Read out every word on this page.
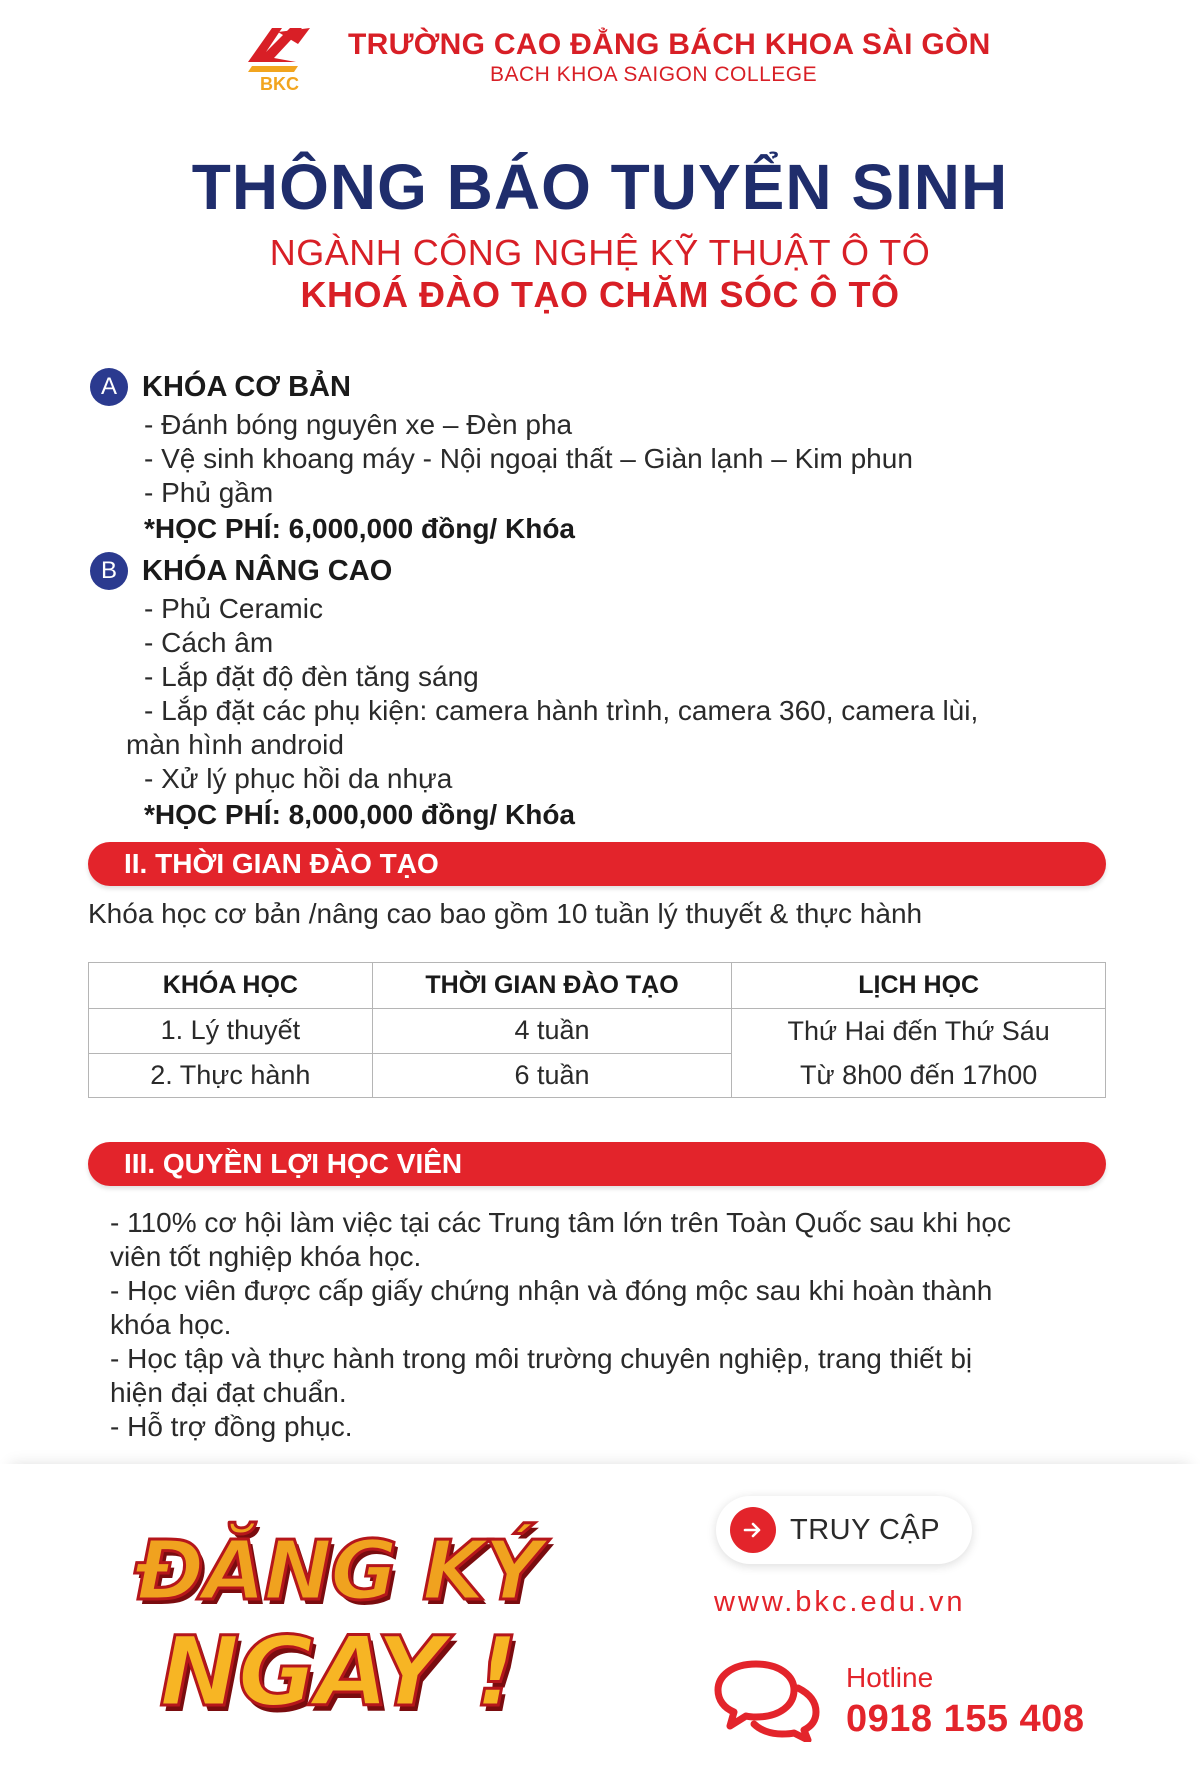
BKC
TRƯỜNG CAO ĐẲNG BÁCH KHOA SÀI GÒN
BACH KHOA SAIGON COLLEGE
THÔNG BÁO TUYỂN SINH
NGÀNH CÔNG NGHỆ KỸ THUẬT Ô TÔ
KHOÁ ĐÀO TẠO CHĂM SÓC Ô TÔ
A KHÓA CƠ BẢN
- Đánh bóng nguyên xe – Đèn pha
- Vệ sinh khoang máy - Nội ngoại thất – Giàn lạnh – Kim phun
- Phủ gầm
*HỌC PHÍ: 6,000,000 đồng/ Khóa
B KHÓA NÂNG CAO
- Phủ Ceramic
- Cách âm
- Lắp đặt độ đèn tăng sáng
- Lắp đặt các phụ kiện: camera hành trình, camera 360, camera lùi,
màn hình android
- Xử lý phục hồi da nhựa
*HỌC PHÍ: 8,000,000 đồng/ Khóa
II. THỜI GIAN ĐÀO TẠO
Khóa học cơ bản /nâng cao bao gồm 10 tuần lý thuyết & thực hành
KHÓA HỌC	THỜI GIAN ĐÀO TẠO	LỊCH HỌC
1. Lý thuyết	4 tuần	Thứ Hai đến Thứ Sáu
Từ 8h00 đến 17h00

2. Thực hành	6 tuần	
III. QUYỀN LỢI HỌC VIÊN
- 110% cơ hội làm việc tại các Trung tâm lớn trên Toàn Quốc sau khi học
viên tốt nghiệp khóa học.
- Học viên được cấp giấy chứng nhận và đóng mộc sau khi hoàn thành
khóa học.
- Học tập và thực hành trong môi trường chuyên nghiệp, trang thiết bị
hiện đại đạt chuẩn.
- Hỗ trợ đồng phục.
ĐĂNG KÝ
NGAY !
TRUY CẬP
www.bkc.edu.vn
Hotline
0918 155 408
